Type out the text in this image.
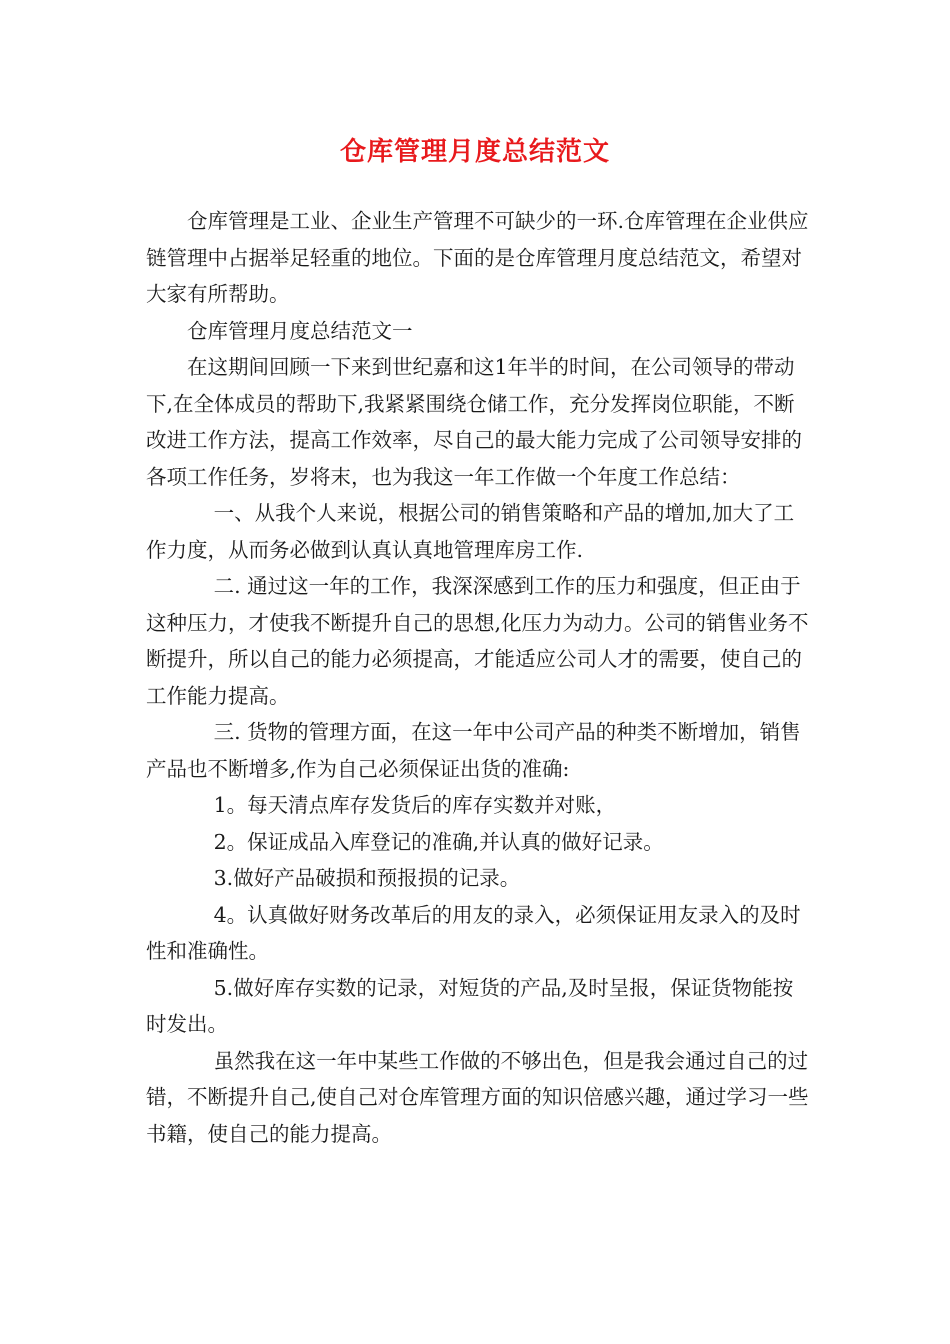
仓库管理月度总结范文

仓库管理是工业、企业生产管理不可缺少的一环.仓库管理在企业供应链管理中占据举足轻重的地位。下面的是仓库管理月度总结范文，希望对大家有所帮助。

仓库管理月度总结范文一

在这期间回顾一下来到世纪嘉和这1年半的时间，在公司领导的带动下,在全体成员的帮助下,我紧紧围绕仓储工作，充分发挥岗位职能，不断改进工作方法，提高工作效率，尽自己的最大能力完成了公司领导安排的各项工作任务，岁将末，也为我这一年工作做一个年度工作总结：

一、从我个人来说，根据公司的销售策略和产品的增加,加大了工作力度，从而务必做到认真认真地管理库房工作.

二. 通过这一年的工作，我深深感到工作的压力和强度，但正由于这种压力，才使我不断提升自己的思想,化压力为动力。公司的销售业务不断提升，所以自己的能力必须提高，才能适应公司人才的需要，使自己的工作能力提高。

三. 货物的管理方面，在这一年中公司产品的种类不断增加，销售产品也不断增多,作为自己必须保证出货的准确:

1。每天清点库存发货后的库存实数并对账，

2。保证成品入库登记的准确,并认真的做好记录。

3.做好产品破损和预报损的记录。

4。认真做好财务改革后的用友的录入，必须保证用友录入的及时性和准确性。

5.做好库存实数的记录，对短货的产品,及时呈报，保证货物能按时发出。

虽然我在这一年中某些工作做的不够出色，但是我会通过自己的过错，不断提升自己,使自己对仓库管理方面的知识倍感兴趣，通过学习一些书籍，使自己的能力提高。
